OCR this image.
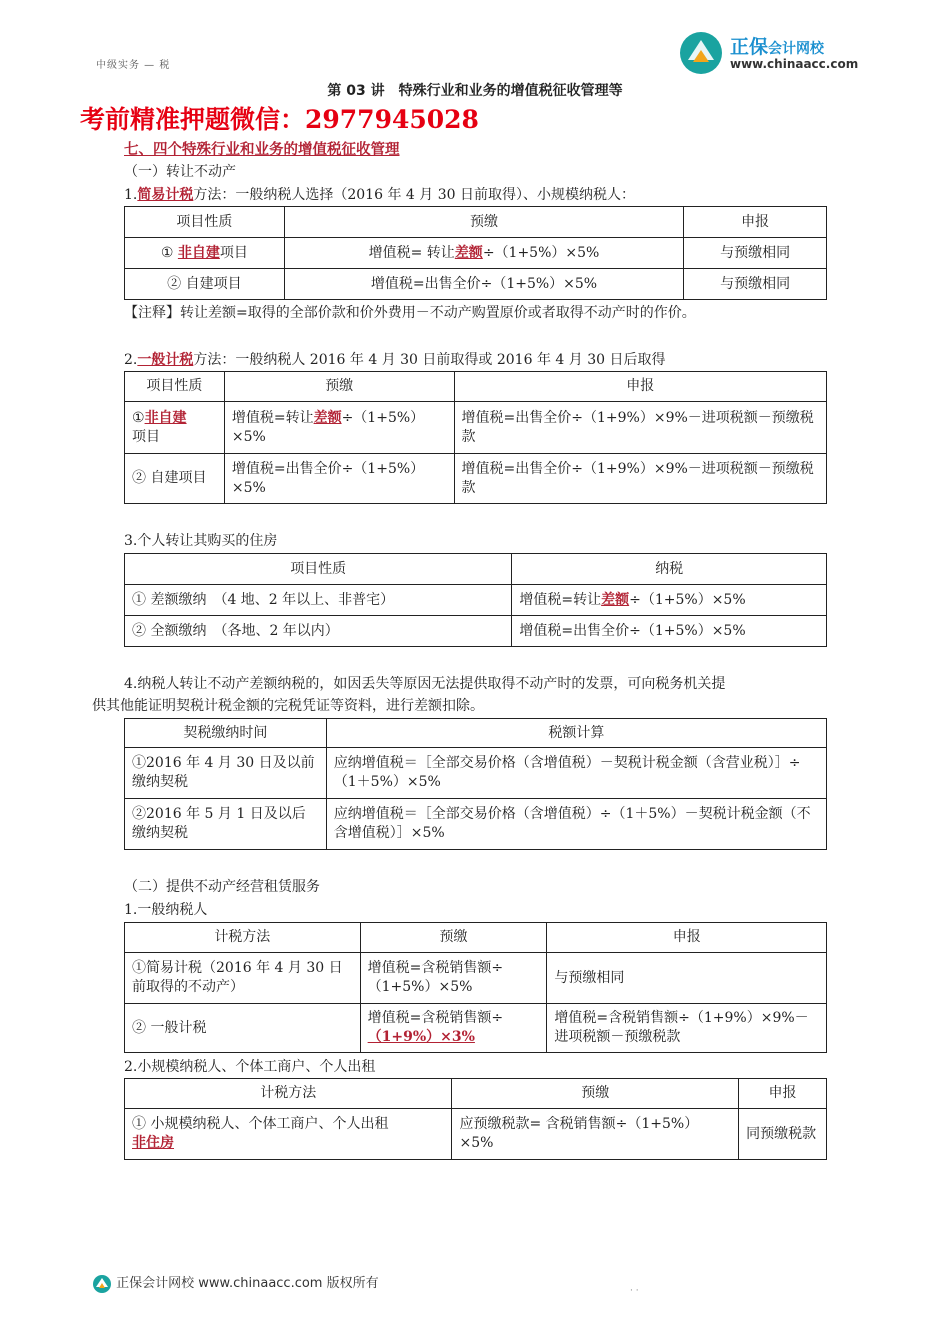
中级实务 — 税
正保会计网校
www.chinaacc.com
第 03 讲　特殊行业和业务的增值税征收管理等
考前精准押题微信：2977945028
七、四个特殊行业和业务的增值税征收管理
（一）转让不动产
1.简易计税方法：一般纳税人选择（2016 年 4 月 30 日前取得）、小规模纳税人：
项目性质	预缴	申报
① 非自建项目	增值税= 转让差额÷（1+5%）×5%	与预缴相同
② 自建项目	增值税=出售全价÷（1+5%）×5%	与预缴相同
【注释】转让差额=取得的全部价款和价外费用－不动产购置原价或者取得不动产时的作价。
2.一般计税方法：一般纳税人 2016 年 4 月 30 日前取得或 2016 年 4 月 30 日后取得
项目性质	预缴	申报
①非自建
项目	增值税=转让差额÷（1+5%）×5%	增值税=出售全价÷（1+9%）×9%－进项税额－预缴税款
② 自建项目	增值税=出售全价÷（1+5%）×5%	增值税=出售全价÷（1+9%）×9%－进项税额－预缴税款
3.个人转让其购买的住房
项目性质	纳税
① 差额缴纳　（4 地、2 年以上、非普宅）	增值税=转让差额÷（1+5%）×5%
② 全额缴纳　（各地、2 年以内）	增值税=出售全价÷（1+5%）×5%
4.纳税人转让不动产差额纳税的，如因丢失等原因无法提供取得不动产时的发票，可向税务机关提
供其他能证明契税计税金额的完税凭证等资料，进行差额扣除。
契税缴纳时间	税额计算
①2016 年 4 月 30 日及以前缴纳契税	应纳增值税＝［全部交易价格（含增值税）－契税计税金额（含营业税）］÷（1＋5%）×5%
②2016 年 5 月 1 日及以后缴纳契税	应纳增值税＝［全部交易价格（含增值税）÷（1＋5%）－契税计税金额（不含增值税）］×5%
（二）提供不动产经营租赁服务
1.一般纳税人
计税方法	预缴	申报
①简易计税（2016 年 4 月 30 日前取得的不动产）	增值税=含税销售额÷（1+5%）×5%	与预缴相同
② 一般计税	增值税=含税销售额÷
（1+9%）×3%	增值税=含税销售额÷（1+9%）×9%－进项税额－预缴税款
2.小规模纳税人、个体工商户、个人出租
计税方法	预缴	申报
① 小规模纳税人、个体工商户、个人出租
非住房	应预缴税款= 含税销售额÷（1+5%）×5%	同预缴税款
正保会计网校 www.chinaacc.com 版权所有	· ·
